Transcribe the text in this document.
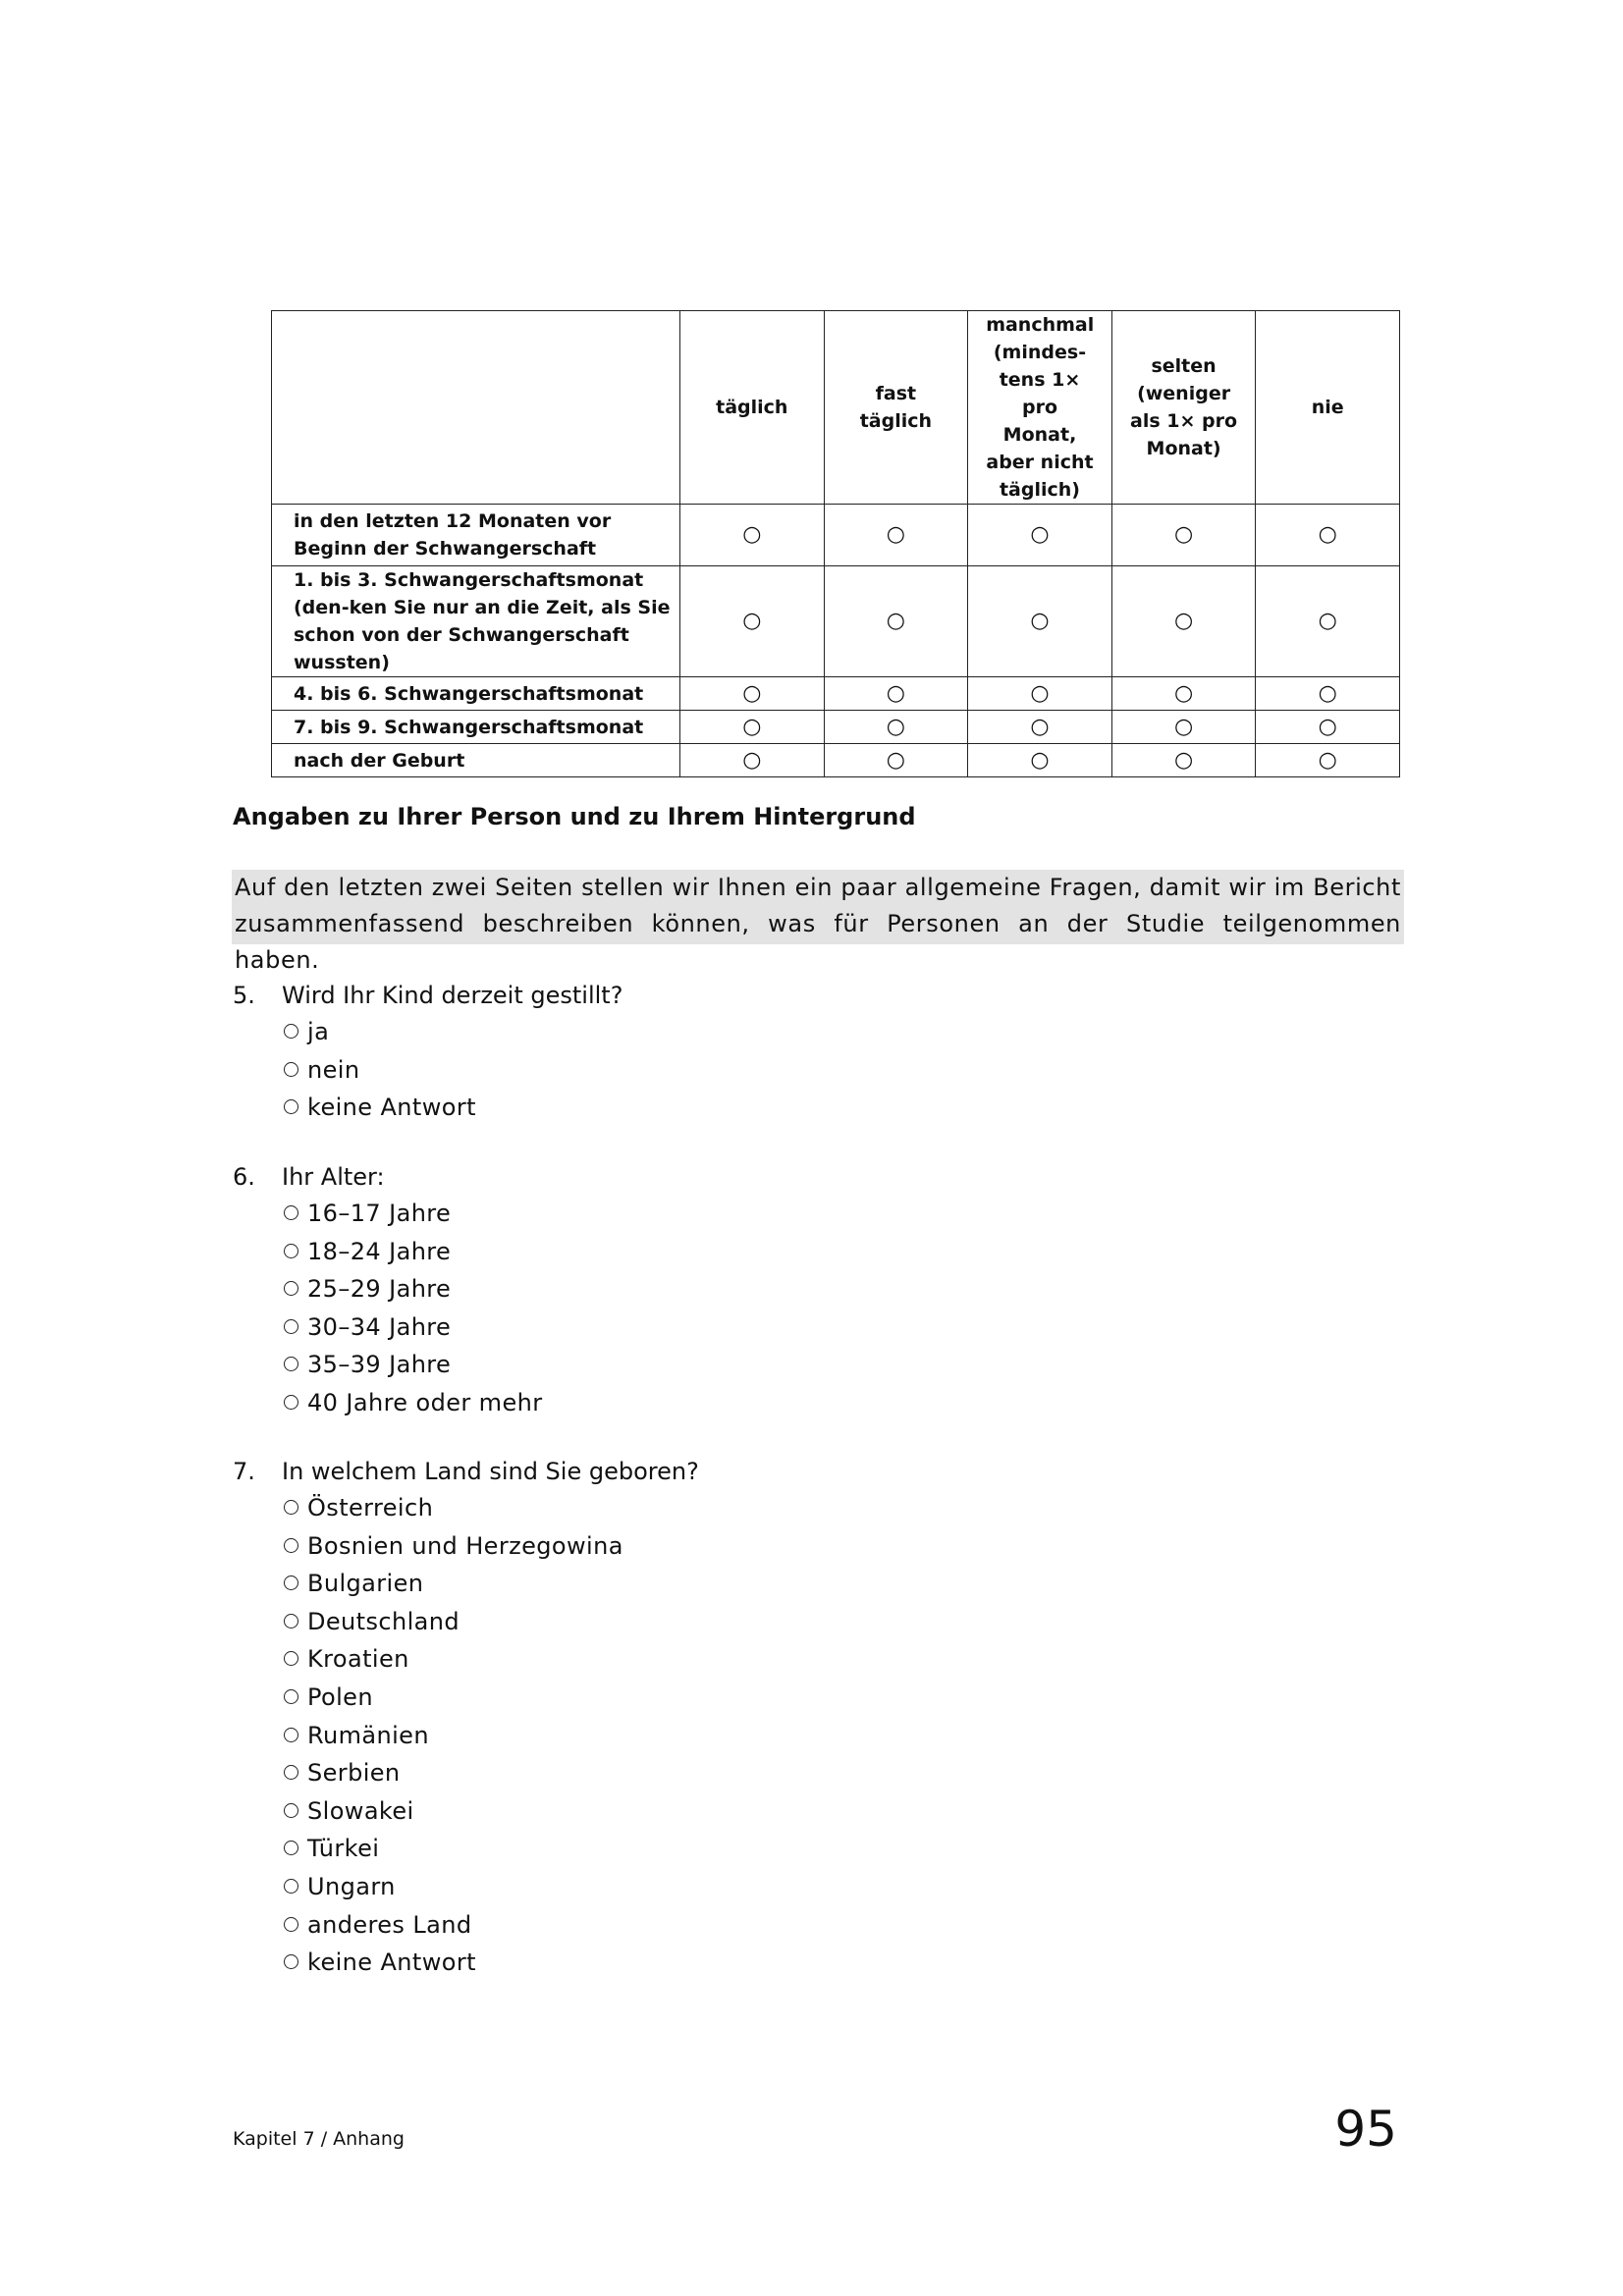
	täglich	fast täglich	manchmal (mindes-tens 1× pro Monat, aber nicht täglich)	selten (weniger als 1× pro Monat)	nie
in den letzten 12 Monaten vor Beginn der Schwangerschaft	○	○	○	○	○
1. bis 3. Schwangerschaftsmonat (den-ken Sie nur an die Zeit, als Sie schon von der Schwangerschaft wussten)	○	○	○	○	○
4. bis 6. Schwangerschaftsmonat	○	○	○	○	○
7. bis 9. Schwangerschaftsmonat	○	○	○	○	○
nach der Geburt	○	○	○	○	○
Angaben zu Ihrer Person und zu Ihrem Hintergrund

Auf den letzten zwei Seiten stellen wir Ihnen ein paar allgemeine Fragen, damit wir im Bericht zusammenfassend beschreiben können, was für Personen an der Studie teilgenommen haben.

5.	Wird Ihr Kind derzeit gestillt?
ja
nein
keine Antwort
6.	Ihr Alter:
16–17 Jahre
18–24 Jahre
25–29 Jahre
30–34 Jahre
35–39 Jahre
40 Jahre oder mehr
7.	In welchem Land sind Sie geboren?
Österreich
Bosnien und Herzegowina
Bulgarien
Deutschland
Kroatien
Polen
Rumänien
Serbien
Slowakei
Türkei
Ungarn
anderes Land
keine Antwort
Kapitel 7 / Anhang	95
